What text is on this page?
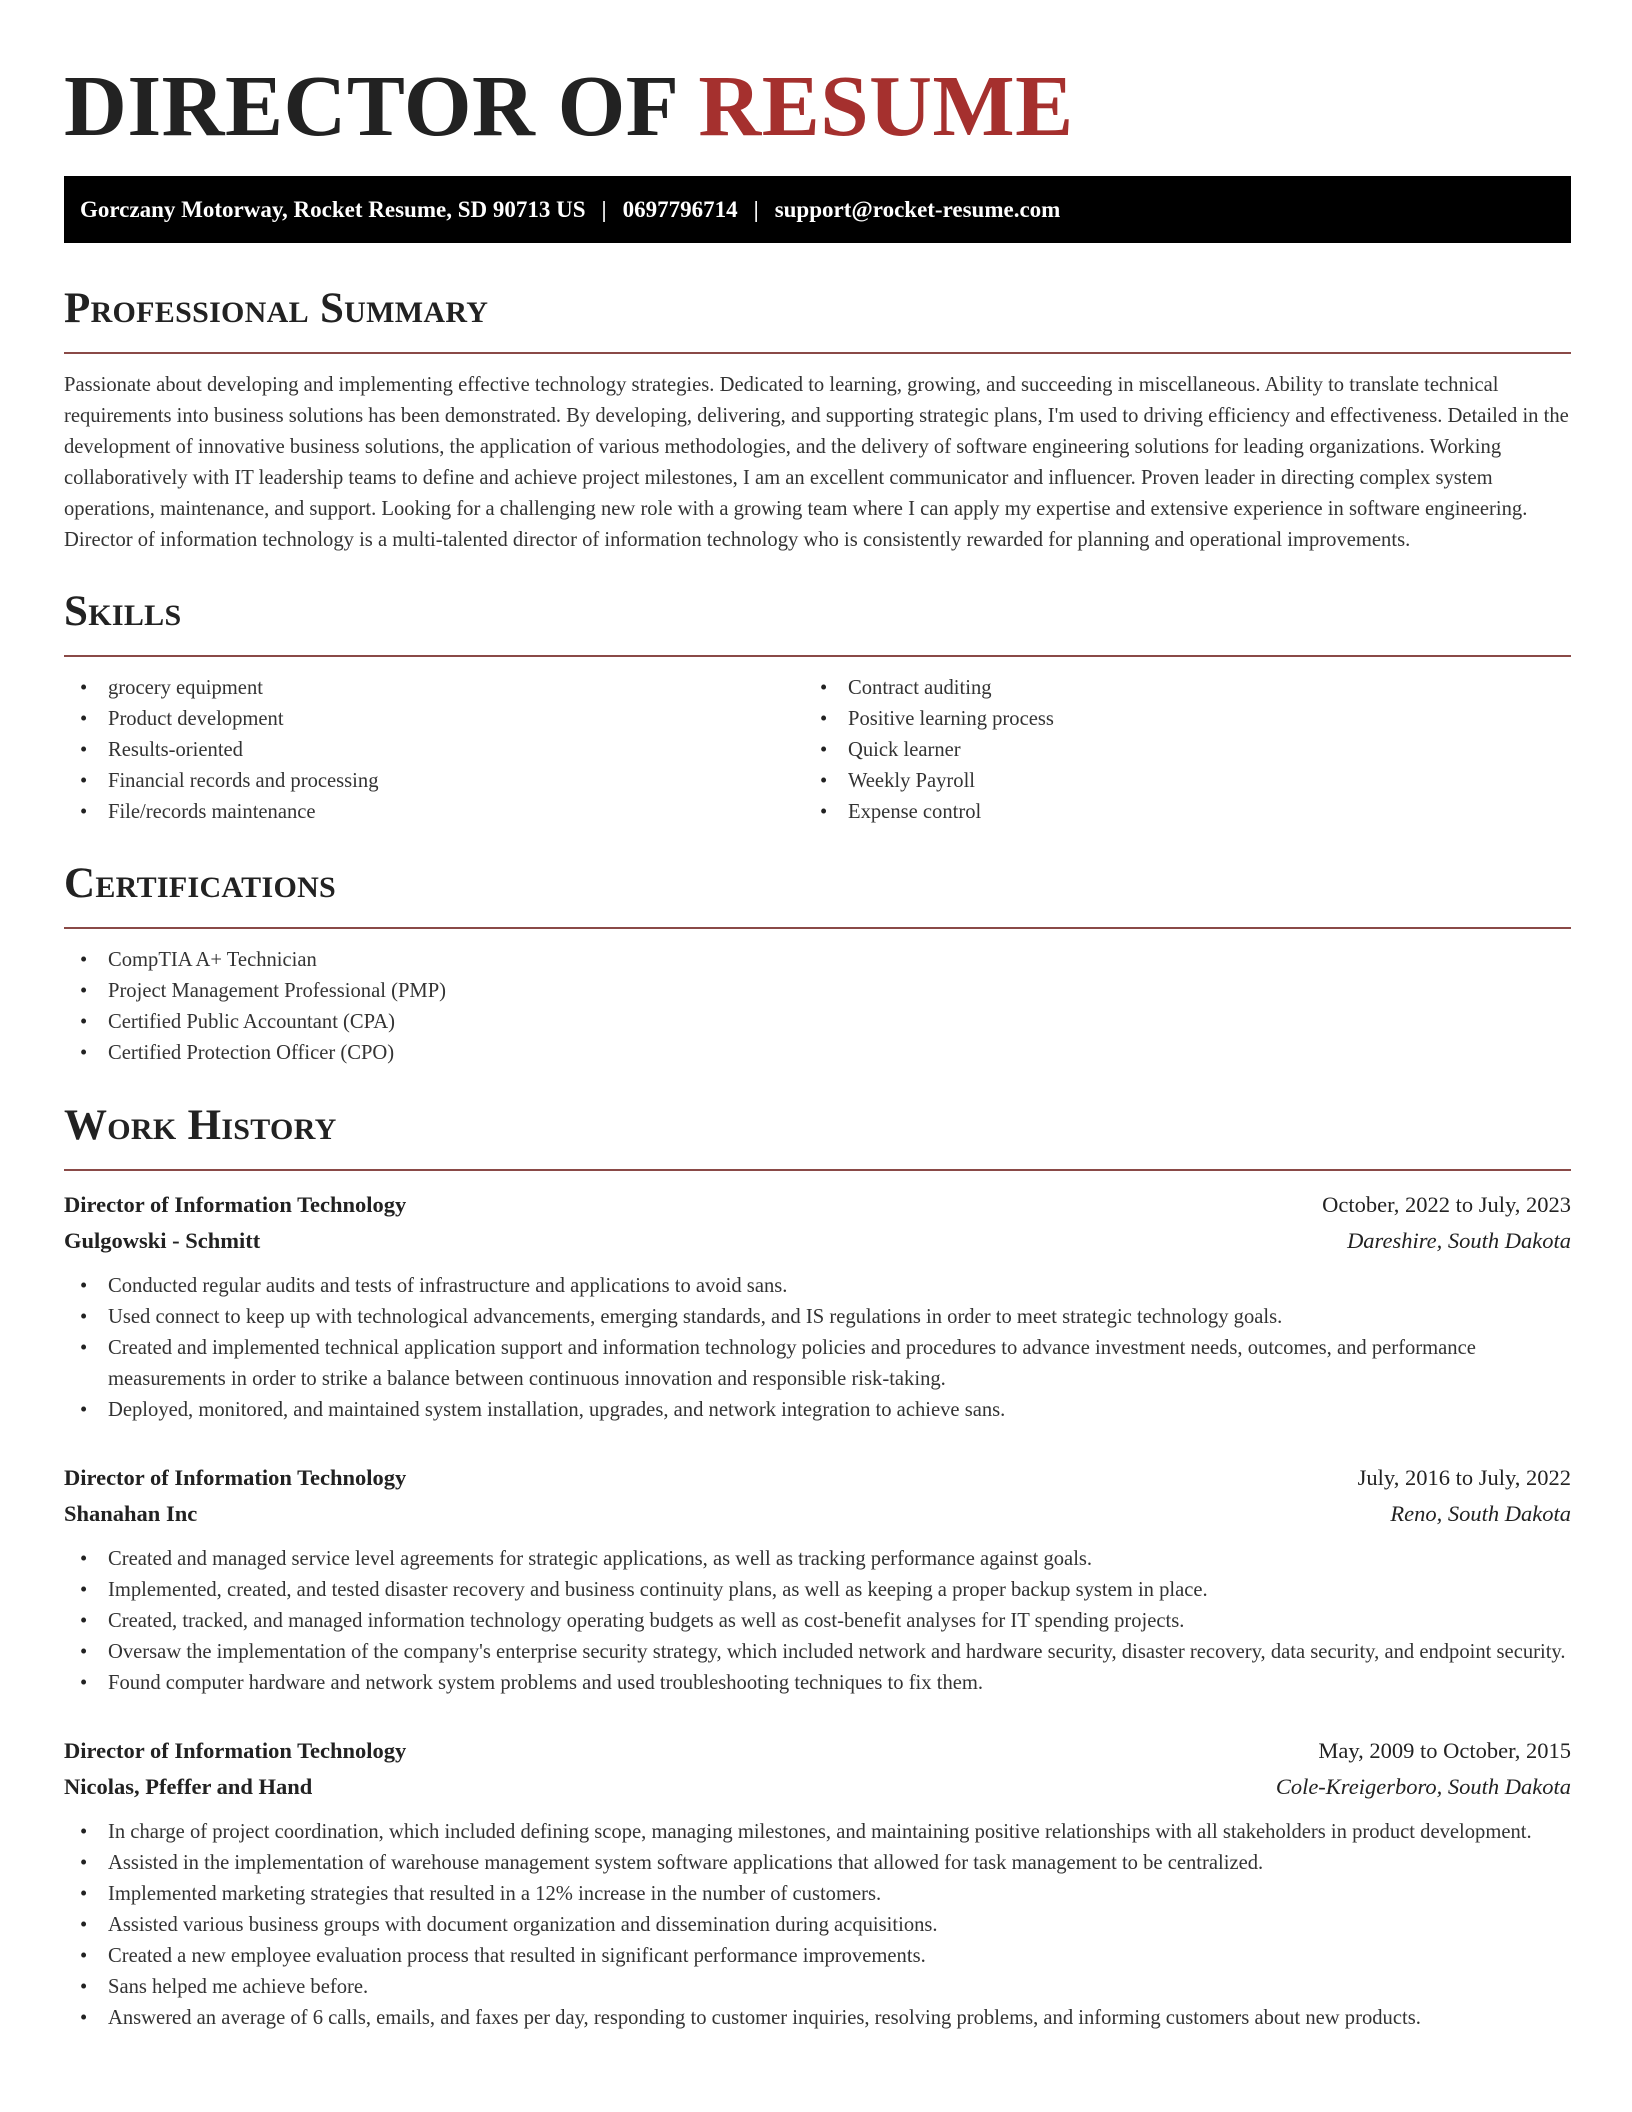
DIRECTOR OF RESUME
Gorczany Motorway, Rocket Resume, SD 90713 US | 0697796714 | support@rocket-resume.com
Professional Summary

Passionate about developing and implementing effective technology strategies. Dedicated to learning, growing, and succeeding in miscellaneous. Ability to translate technical requirements into business solutions has been demonstrated. By developing, delivering, and supporting strategic plans, I'm used to driving efficiency and effectiveness. Detailed in the development of innovative business solutions, the application of various methodologies, and the delivery of software engineering solutions for leading organizations. Working collaboratively with IT leadership teams to define and achieve project milestones, I am an excellent communicator and influencer. Proven leader in directing complex system operations, maintenance, and support. Looking for a challenging new role with a growing team where I can apply my expertise and extensive experience in software engineering. Director of information technology is a multi-talented director of information technology who is consistently rewarded for planning and operational improvements.

Skills
• grocery equipment
• Product development
• Results-oriented
• Financial records and processing
• File/records maintenance
• Contract auditing
• Positive learning process
• Quick learner
• Weekly Payroll
• Expense control
Certifications
• CompTIA A+ Technician
• Project Management Professional (PMP)
• Certified Public Accountant (CPA)
• Certified Protection Officer (CPO)
Work History
Director of Information Technology	October, 2022 to July, 2023
Gulgowski - Schmitt	Dareshire, South Dakota
• Conducted regular audits and tests of infrastructure and applications to avoid sans.
• Used connect to keep up with technological advancements, emerging standards, and IS regulations in order to meet strategic technology goals.
• Created and implemented technical application support and information technology policies and procedures to advance investment needs, outcomes, and performance measurements in order to strike a balance between continuous innovation and responsible risk-taking.
• Deployed, monitored, and maintained system installation, upgrades, and network integration to achieve sans.
Director of Information Technology	July, 2016 to July, 2022
Shanahan Inc	Reno, South Dakota
• Created and managed service level agreements for strategic applications, as well as tracking performance against goals.
• Implemented, created, and tested disaster recovery and business continuity plans, as well as keeping a proper backup system in place.
• Created, tracked, and managed information technology operating budgets as well as cost-benefit analyses for IT spending projects.
• Oversaw the implementation of the company's enterprise security strategy, which included network and hardware security, disaster recovery, data security, and endpoint security.
• Found computer hardware and network system problems and used troubleshooting techniques to fix them.
Director of Information Technology	May, 2009 to October, 2015
Nicolas, Pfeffer and Hand	Cole-Kreigerboro, South Dakota
• In charge of project coordination, which included defining scope, managing milestones, and maintaining positive relationships with all stakeholders in product development.
• Assisted in the implementation of warehouse management system software applications that allowed for task management to be centralized.
• Implemented marketing strategies that resulted in a 12% increase in the number of customers.
• Assisted various business groups with document organization and dissemination during acquisitions.
• Created a new employee evaluation process that resulted in significant performance improvements.
• Sans helped me achieve before.
• Answered an average of 6 calls, emails, and faxes per day, responding to customer inquiries, resolving problems, and informing customers about new products.
